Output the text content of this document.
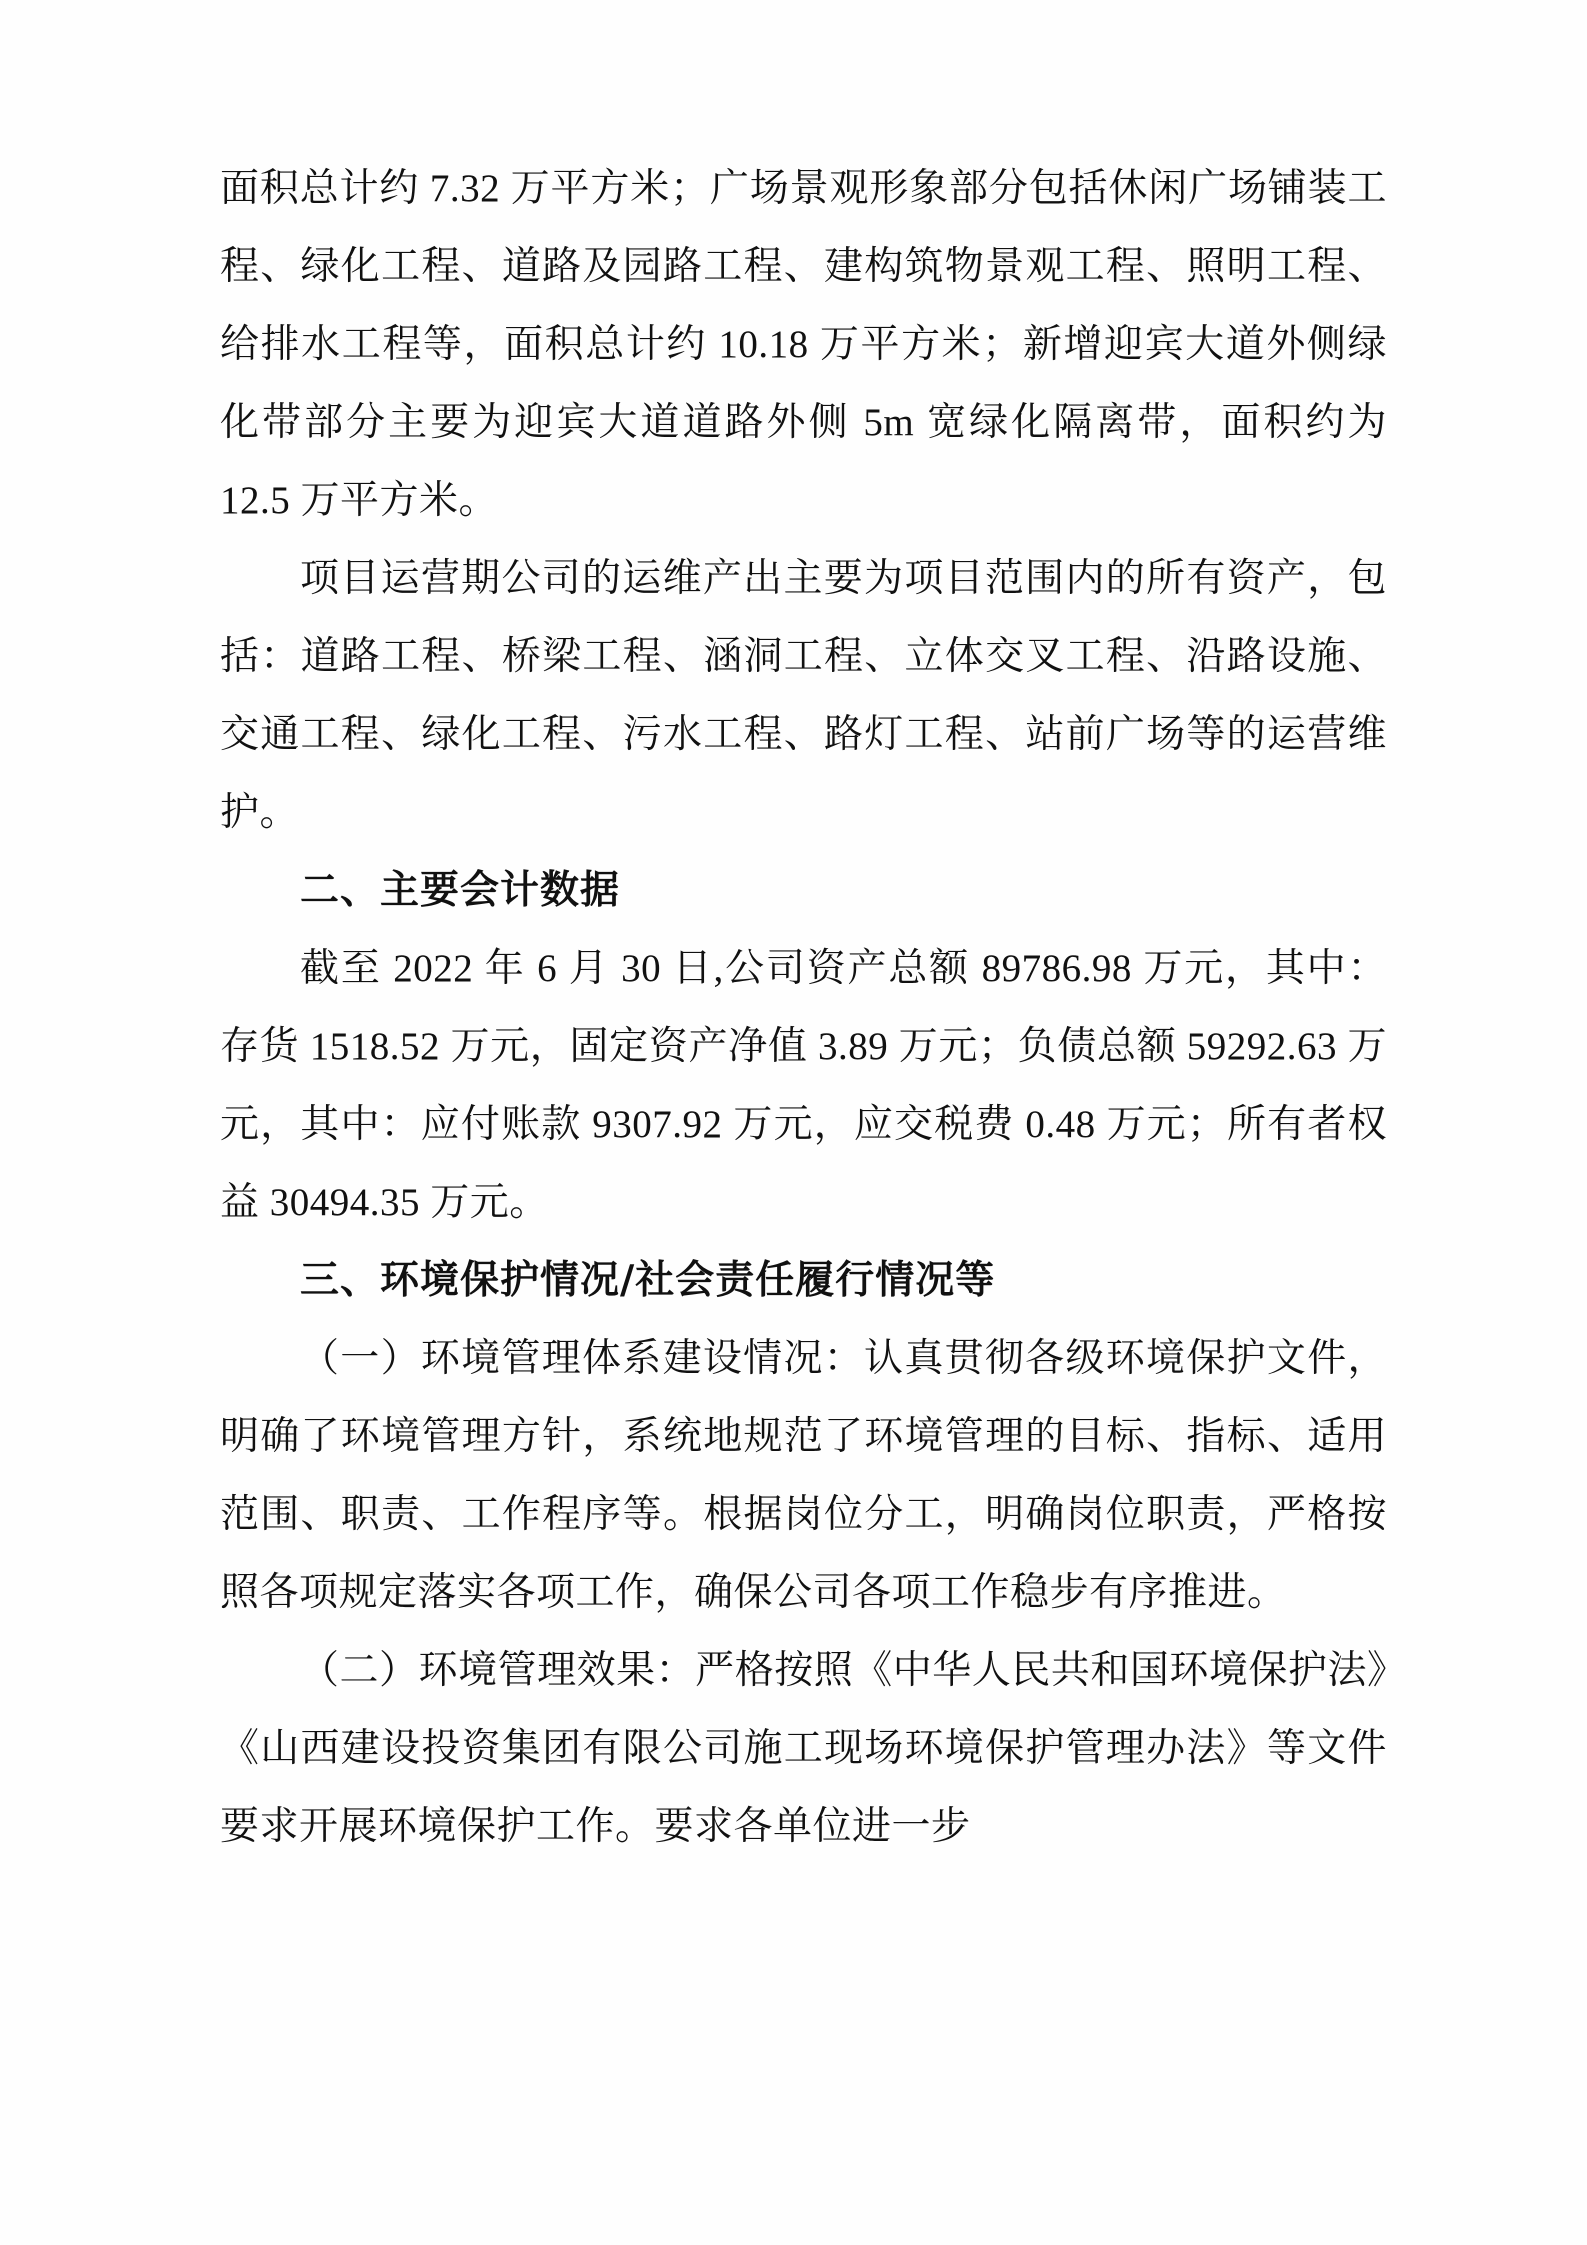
面积总计约 7.32 万平方米；广场景观形象部分包括休闲广场铺装工程、绿化工程、道路及园路工程、建构筑物景观工程、照明工程、给排水工程等，面积总计约 10.18 万平方米；新增迎宾大道外侧绿化带部分主要为迎宾大道道路外侧 5m 宽绿化隔离带，面积约为 12.5 万平方米。

项目运营期公司的运维产出主要为项目范围内的所有资产，包括：道路工程、桥梁工程、涵洞工程、立体交叉工程、沿路设施、交通工程、绿化工程、污水工程、路灯工程、站前广场等的运营维护。

二、主要会计数据

截至 2022 年 6 月 30 日,公司资产总额 89786.98 万元，其中：存货 1518.52 万元，固定资产净值 3.89 万元；负债总额 59292.63 万元，其中：应付账款 9307.92 万元，应交税费 0.48 万元；所有者权益 30494.35 万元。

三、环境保护情况/社会责任履行情况等

（一）环境管理体系建设情况：认真贯彻各级环境保护文件，明确了环境管理方针，系统地规范了环境管理的目标、指标、适用范围、职责、工作程序等。根据岗位分工，明确岗位职责，严格按照各项规定落实各项工作，确保公司各项工作稳步有序推进。

（二）环境管理效果：严格按照《中华人民共和国环境保护法》《山西建设投资集团有限公司施工现场环境保护管理办法》等文件要求开展环境保护工作。要求各单位进一步
